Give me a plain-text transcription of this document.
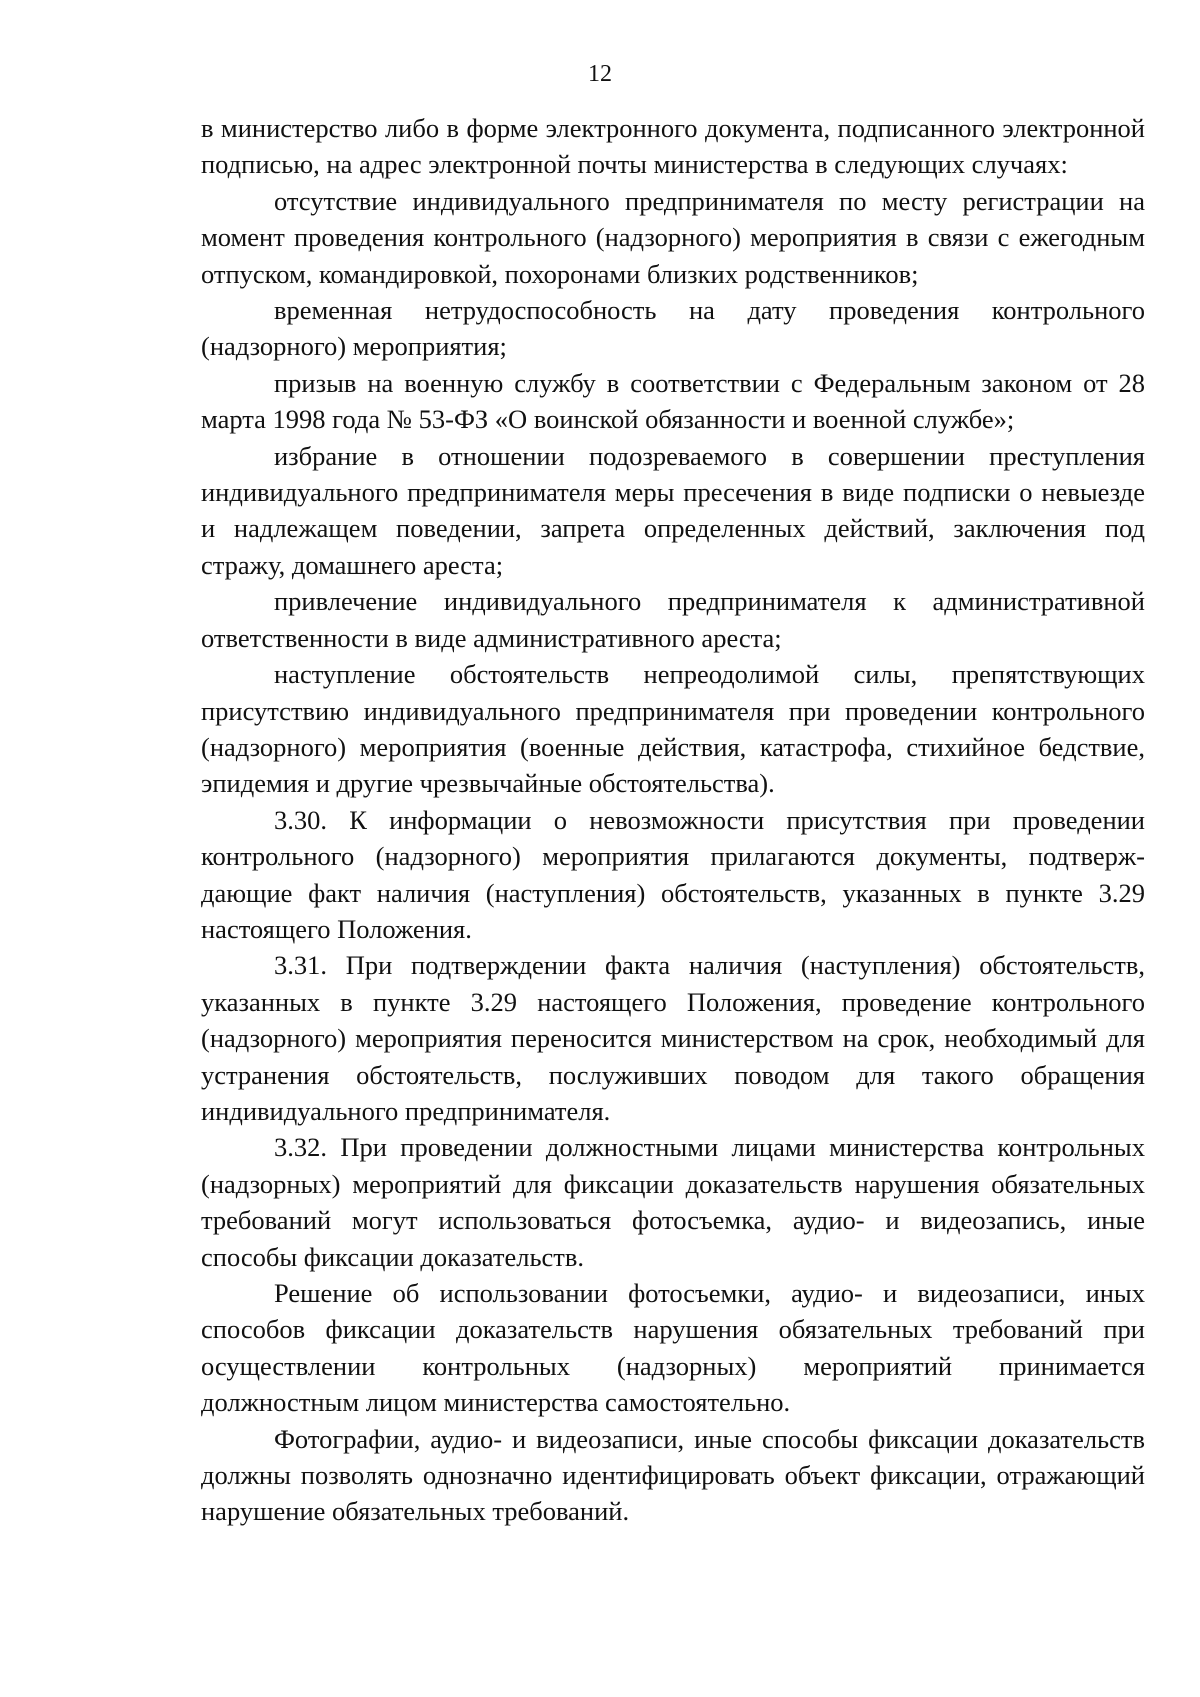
12

в министерство либо в форме электронного документа, подписанного электронной подписью, на адрес электронной почты министерства в следующих случаях:

отсутствие индивидуального предпринимателя по месту регистрации на момент проведения контрольного (надзорного) мероприятия в связи с ежегодным отпуском, командировкой, похоронами близких родственников;

временная нетрудоспособность на дату проведения контрольного (надзорного) мероприятия;

призыв на военную службу в соответствии с Федеральным законом от 28 марта 1998 года № 53-ФЗ «О воинской обязанности и военной службе»;

избрание в отношении подозреваемого в совершении преступления индивидуального предпринимателя меры пресечения в виде подписки о невыезде и надлежащем поведении, запрета определенных действий, заключения под стражу, домашнего ареста;

привлечение индивидуального предпринимателя к административной ответственности в виде административного ареста;

наступление обстоятельств непреодолимой силы, препятствующих присутствию индивидуального предпринимателя при проведении контрольного (надзорного) мероприятия (военные действия, катастрофа, стихийное бедствие, эпидемия и другие чрезвычайные обстоятельства).

3.30. К информации о невозможности присутствия при проведении контрольного (надзорного) мероприятия прилагаются документы, подтверждающие факт наличия (наступления) обстоятельств, указанных в пункте 3.29 настоящего Положения.

3.31. При подтверждении факта наличия (наступления) обстоятельств, указанных в пункте 3.29 настоящего Положения, проведение контрольного (надзорного) мероприятия переносится министерством на срок, необходимый для устранения обстоятельств, послуживших поводом для такого обращения индивидуального предпринимателя.

3.32. При проведении должностными лицами министерства контрольных (надзорных) мероприятий для фиксации доказательств нарушения обязательных требований могут использоваться фотосъемка, аудио- и видеозапись, иные способы фиксации доказательств.

Решение об использовании фотосъемки, аудио- и видеозаписи, иных способов фиксации доказательств нарушения обязательных требований при осуществлении контрольных (надзорных) мероприятий принимается должностным лицом министерства самостоятельно.

Фотографии, аудио- и видеозаписи, иные способы фиксации доказательств должны позволять однозначно идентифицировать объект фиксации, отражающий нарушение обязательных требований.
